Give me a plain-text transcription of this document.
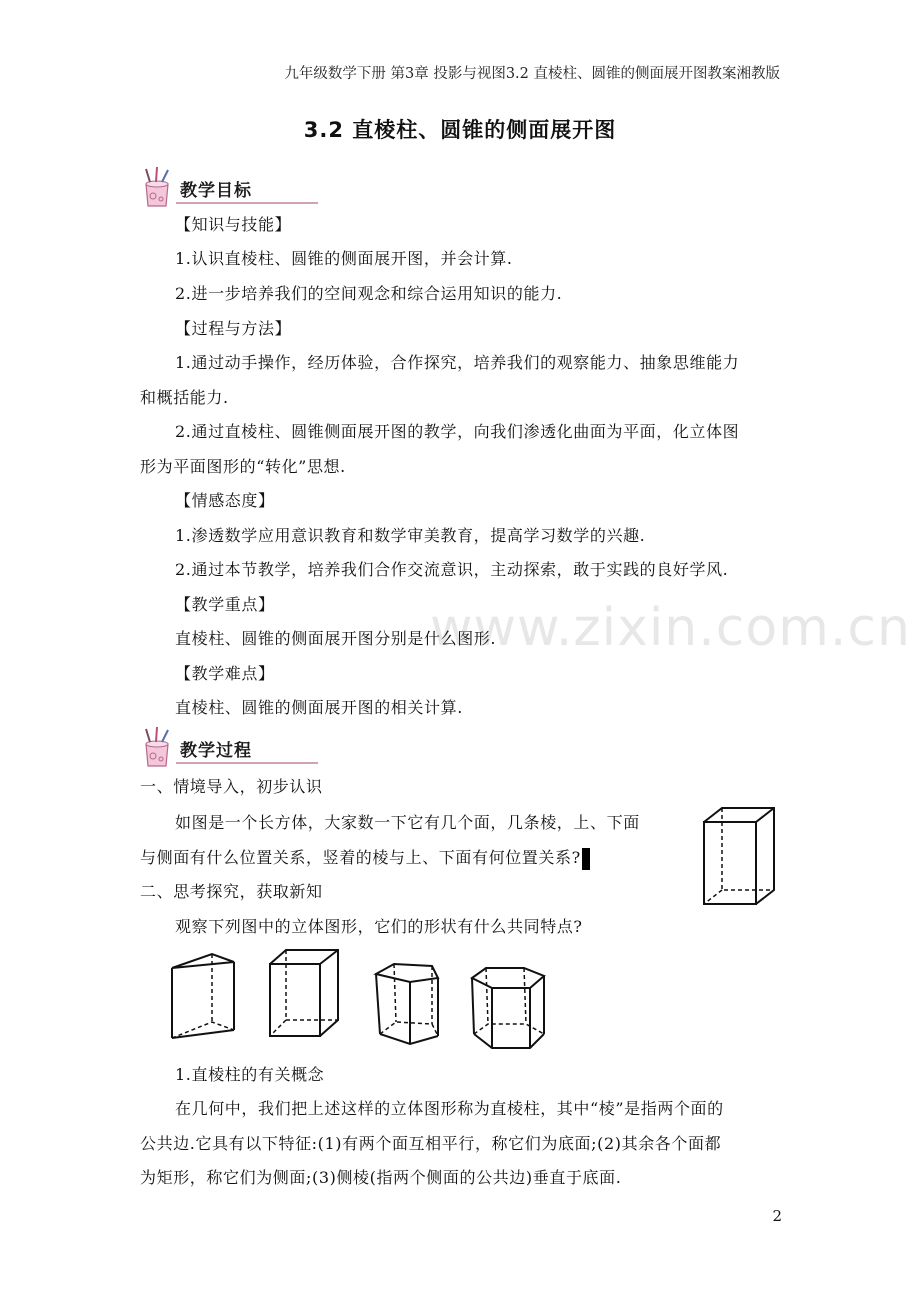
九年级数学下册 第3章 投影与视图3.2 直棱柱、圆锥的侧面展开图教案湘教版
3.2 直棱柱、圆锥的侧面展开图
教学目标
【知识与技能】
1.认识直棱柱、圆锥的侧面展开图，并会计算.
2.进一步培养我们的空间观念和综合运用知识的能力.
【过程与方法】
1.通过动手操作，经历体验，合作探究，培养我们的观察能力、抽象思维能力
和概括能力.
2.通过直棱柱、圆锥侧面展开图的教学，向我们渗透化曲面为平面，化立体图
形为平面图形的“转化”思想.
【情感态度】
1.渗透数学应用意识教育和数学审美教育，提高学习数学的兴趣.
2.通过本节教学，培养我们合作交流意识，主动探索，敢于实践的良好学风.
【教学重点】
直棱柱、圆锥的侧面展开图分别是什么图形.
【教学难点】
直棱柱、圆锥的侧面展开图的相关计算.
www.zixin.com.cn
教学过程
一、情境导入，初步认识
如图是一个长方体，大家数一下它有几个面，几条棱，上、下面
与侧面有什么位置关系，竖着的棱与上、下面有何位置关系?
二、思考探究，获取新知
观察下列图中的立体图形，它们的形状有什么共同特点?
1.直棱柱的有关概念
在几何中，我们把上述这样的立体图形称为直棱柱，其中“棱”是指两个面的
公共边.它具有以下特征:(1)有两个面互相平行，称它们为底面;(2)其余各个面都
为矩形，称它们为侧面;(3)侧棱(指两个侧面的公共边)垂直于底面.
2
